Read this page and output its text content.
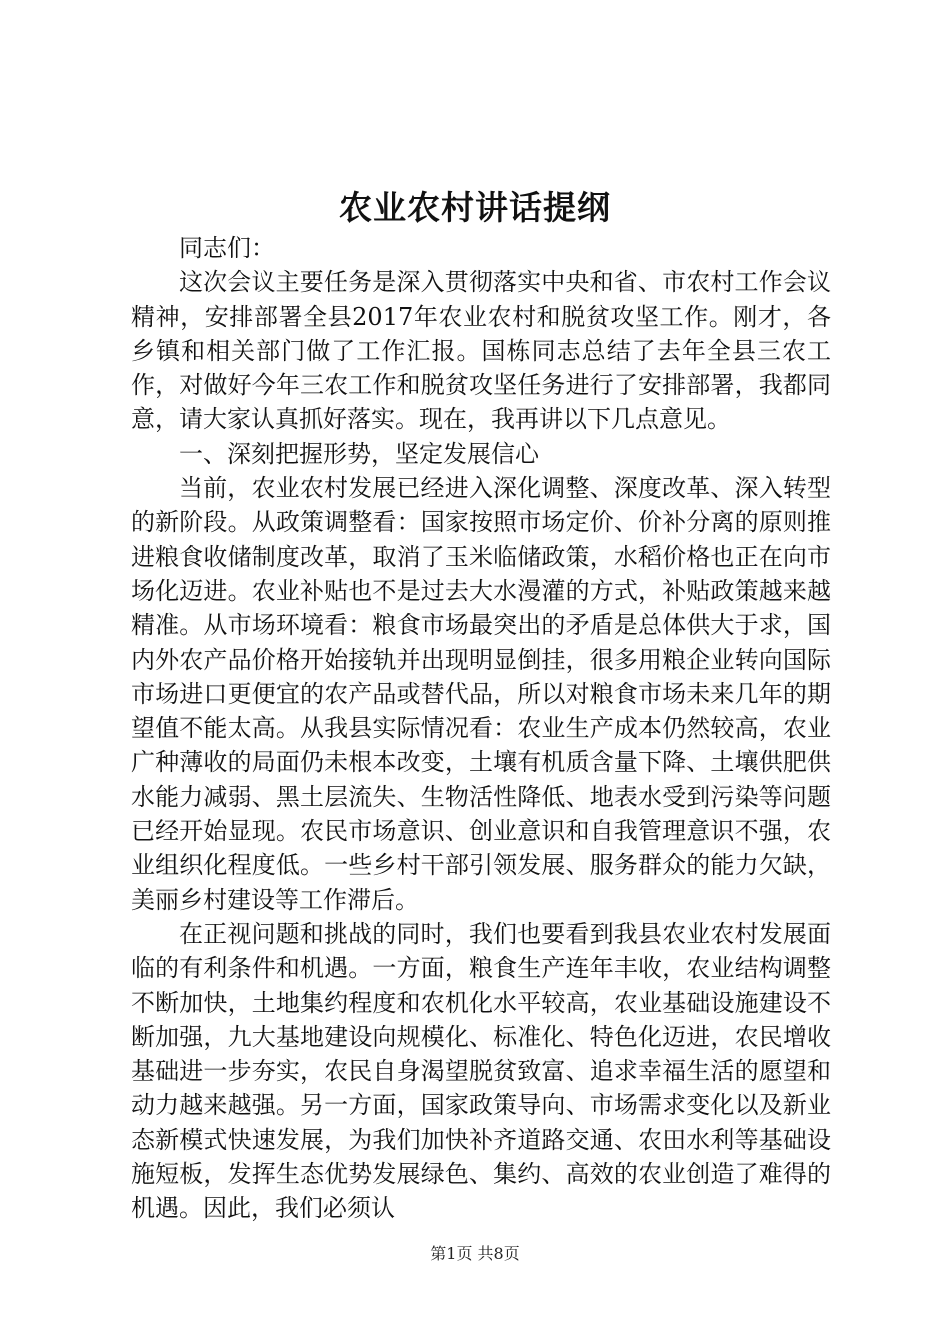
农业农村讲话提纲

同志们：

这次会议主要任务是深入贯彻落实中央和省、市农村工作会议精神，安排部署全县2017年农业农村和脱贫攻坚工作。刚才，各乡镇和相关部门做了工作汇报。国栋同志总结了去年全县三农工作，对做好今年三农工作和脱贫攻坚任务进行了安排部署，我都同意，请大家认真抓好落实。现在，我再讲以下几点意见。

一、深刻把握形势，坚定发展信心

当前，农业农村发展已经进入深化调整、深度改革、深入转型的新阶段。从政策调整看：国家按照市场定价、价补分离的原则推进粮食收储制度改革，取消了玉米临储政策，水稻价格也正在向市场化迈进。农业补贴也不是过去大水漫灌的方式，补贴政策越来越精准。从市场环境看：粮食市场最突出的矛盾是总体供大于求，国内外农产品价格开始接轨并出现明显倒挂，很多用粮企业转向国际市场进口更便宜的农产品或替代品，所以对粮食市场未来几年的期望值不能太高。从我县实际情况看：农业生产成本仍然较高，农业广种薄收的局面仍未根本改变，土壤有机质含量下降、土壤供肥供水能力减弱、黑土层流失、生物活性降低、地表水受到污染等问题已经开始显现。农民市场意识、创业意识和自我管理意识不强，农业组织化程度低。一些乡村干部引领发展、服务群众的能力欠缺，美丽乡村建设等工作滞后。

在正视问题和挑战的同时，我们也要看到我县农业农村发展面临的有利条件和机遇。一方面，粮食生产连年丰收，农业结构调整不断加快，土地集约程度和农机化水平较高，农业基础设施建设不断加强，九大基地建设向规模化、标准化、特色化迈进，农民增收基础进一步夯实，农民自身渴望脱贫致富、追求幸福生活的愿望和动力越来越强。另一方面，国家政策导向、市场需求变化以及新业态新模式快速发展，为我们加快补齐道路交通、农田水利等基础设施短板，发挥生态优势发展绿色、集约、高效的农业创造了难得的机遇。因此，我们必须认

第1页 共8页
